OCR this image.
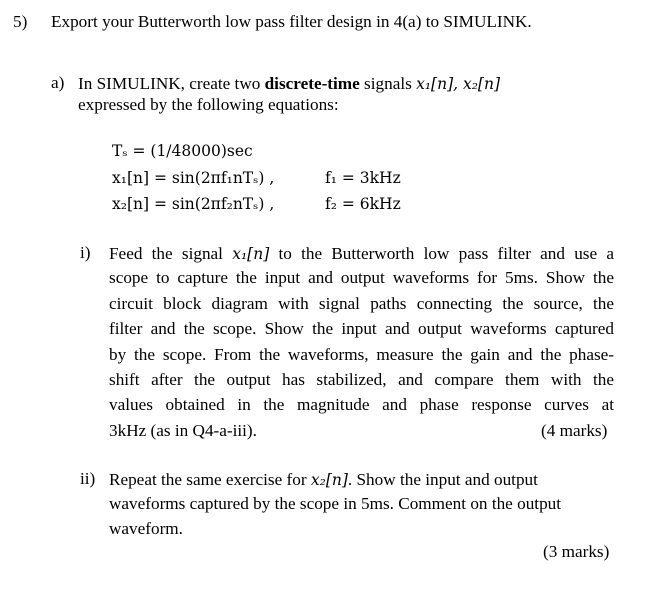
5) Export your Butterworth low pass filter design in 4(a) to SIMULINK.
a) In SIMULINK, create two discrete-time signals x₁[n], x₂[n]
expressed by the following equations:
Tₛ = (1/48000)sec
x₁[n] = sin(2πf₁nTₛ) ,
x₂[n] = sin(2πf₂nTₛ) ,
f₁ = 3kHz
f₂ = 6kHz
i) Feed the signal x₁[n] to the Butterworth low pass filter and use a
scope to capture the input and output waveforms for 5ms. Show the
circuit block diagram with signal paths connecting the source, the
filter and the scope. Show the input and output waveforms captured
by the scope. From the waveforms, measure the gain and the phase-
shift after the output has stabilized, and compare them with the
values obtained in the magnitude and phase response curves at
3kHz (as in Q4-a-iii).	(4 marks)
ii) Repeat the same exercise for x₂[n]. Show the input and output
waveforms captured by the scope in 5ms. Comment on the output
waveform.
(3 marks)
